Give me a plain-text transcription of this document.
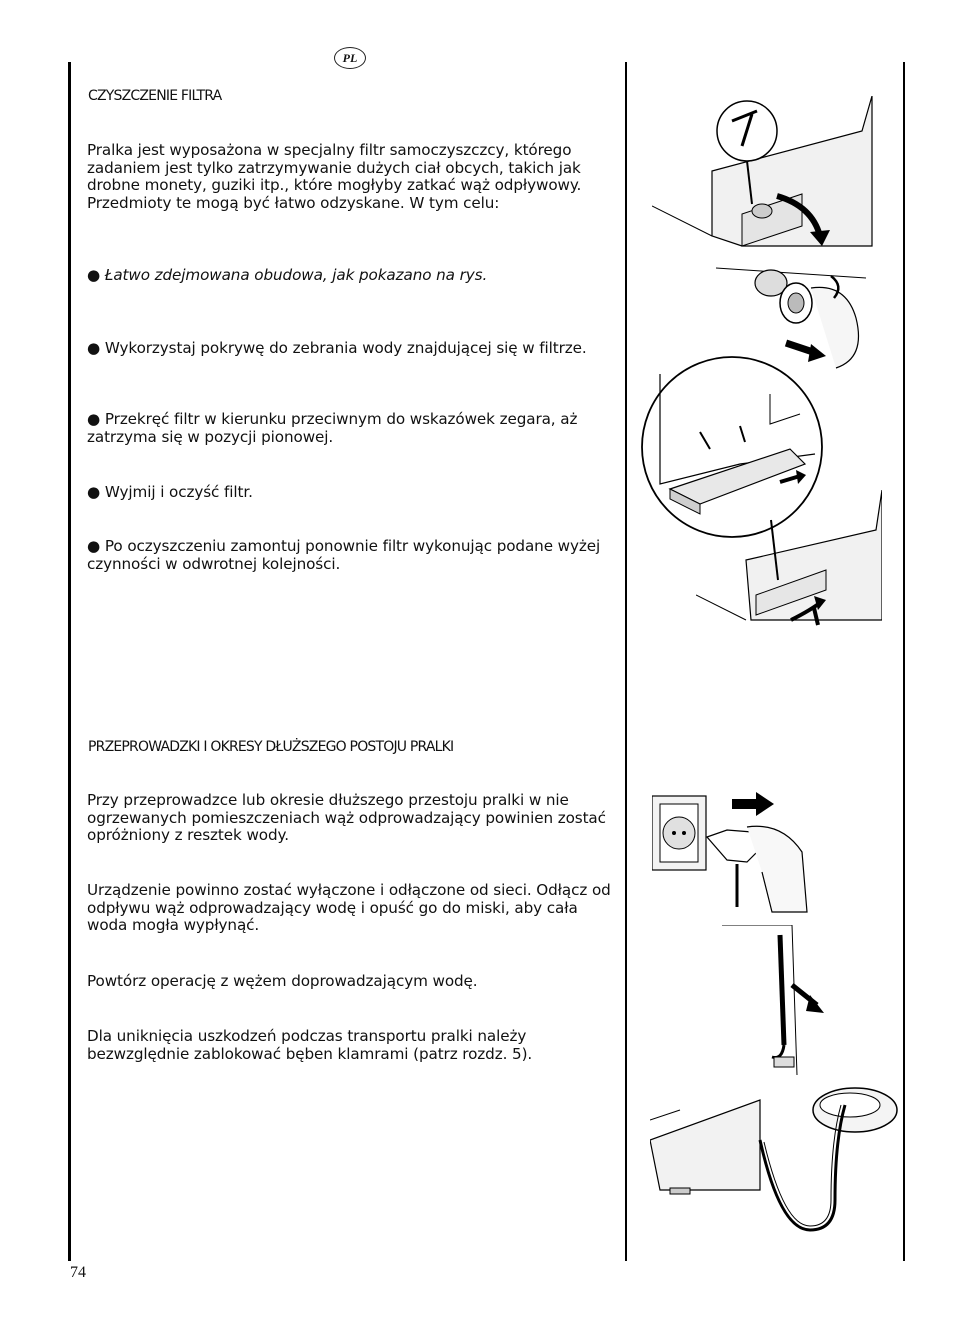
PL
CZYSZCZENIE FILTRA
Pralka jest wyposażona w specjalny filtr samoczyszczcy, którego zadaniem jest tylko zatrzymywanie dużych ciał obcych, takich jak drobne monety, guziki itp., które mogłyby zatkać wąż odpływowy. Przedmioty te mogą być łatwo odzyskane. W tym celu:
● Łatwo zdejmowana obudowa, jak pokazano na rys.
● Wykorzystaj pokrywę do zebrania wody znajdującej się w filtrze.
● Przekręć filtr w kierunku przeciwnym do wskazówek zegara, aż zatrzyma się w pozycji pionowej.
● Wyjmij i oczyść filtr.
● Po oczyszczeniu zamontuj ponownie filtr wykonując podane wyżej czynności w odwrotnej kolejności.
PRZEPROWADZKI I OKRESY DŁUŻSZEGO POSTOJU PRALKI
Przy przeprowadzce lub okresie dłuższego przestoju pralki w nie ogrzewanych pomieszczeniach wąż odprowadzający powinien zostać opróżniony z resztek wody.
Urządzenie powinno zostać wyłączone i odłączone od sieci. Odłącz od odpływu wąż odprowadzający wodę i opuść go do miski, aby cała woda mogła wypłynąć.
Powtórz operację z wężem doprowadzającym wodę.
Dla uniknięcia uszkodzeń podczas transportu pralki należy bezwzględnie zablokować bęben klamrami (patrz rozdz. 5).
74
